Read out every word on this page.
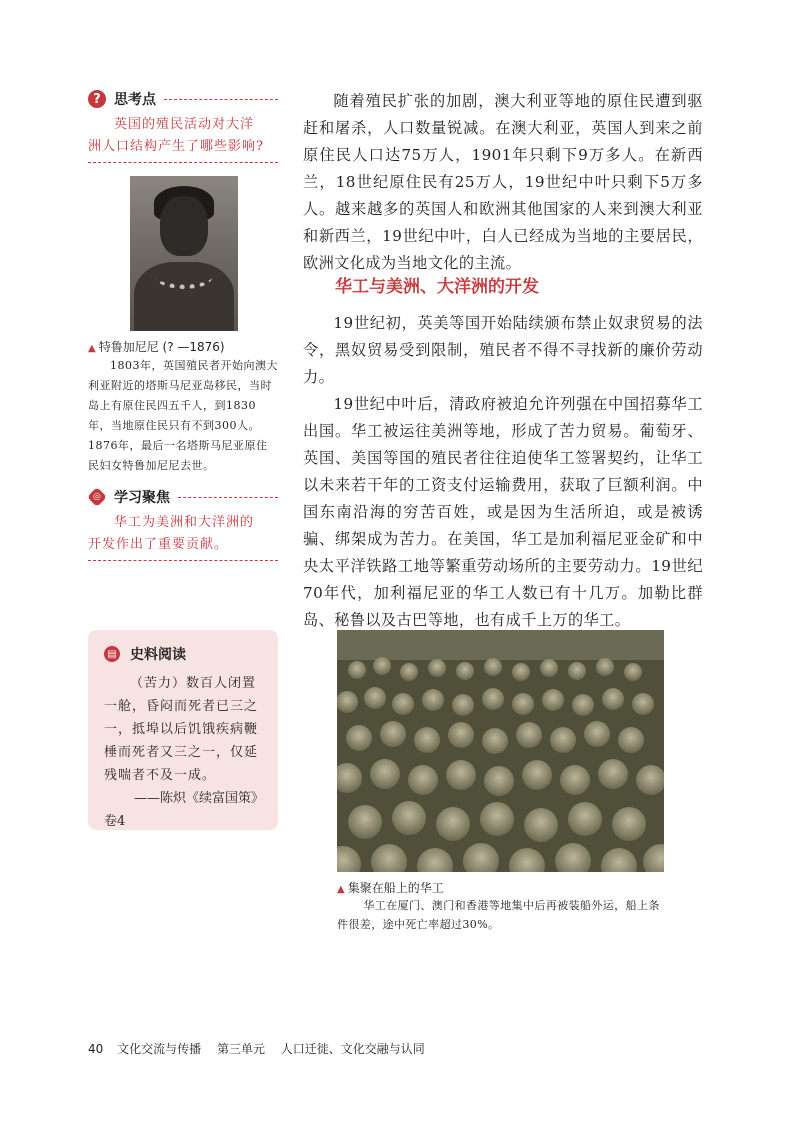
? 思考点
英国的殖民活动对大洋
洲人口结构产生了哪些影响?
▲ 特鲁加尼尼 (? —1876)
1803年，英国殖民者开始向澳大利亚附近的塔斯马尼亚岛移民，当时岛上有原住民四五千人，到1830年，当地原住民只有不到300人。1876年，最后一名塔斯马尼亚原住民妇女特鲁加尼尼去世。
◎ 学习聚焦
华工为美洲和大洋洲的
开发作出了重要贡献。
▤ 史料阅读
（苦力）数百人闭置一舱，昏闷而死者已三之一，抵埠以后饥饿疾病鞭棰而死者又三之一，仅延残喘者不及一成。
——陈炽《续富国策》
卷4

随着殖民扩张的加剧，澳大利亚等地的原住民遭到驱赶和屠杀，人口数量锐减。在澳大利亚，英国人到来之前原住民人口达75万人，1901年只剩下9万多人。在新西兰，18世纪原住民有25万人，19世纪中叶只剩下5万多人。越来越多的英国人和欧洲其他国家的人来到澳大利亚和新西兰，19世纪中叶，白人已经成为当地的主要居民，欧洲文化成为当地文化的主流。

华工与美洲、大洋洲的开发

19世纪初，英美等国开始陆续颁布禁止奴隶贸易的法令，黑奴贸易受到限制，殖民者不得不寻找新的廉价劳动力。

19世纪中叶后，清政府被迫允许列强在中国招募华工出国。华工被运往美洲等地，形成了苦力贸易。葡萄牙、英国、美国等国的殖民者往往迫使华工签署契约，让华工以未来若干年的工资支付运输费用，获取了巨额利润。中国东南沿海的穷苦百姓，或是因为生活所迫，或是被诱骗、绑架成为苦力。在美国，华工是加利福尼亚金矿和中央太平洋铁路工地等繁重劳动场所的主要劳动力。19世纪70年代，加利福尼亚的华工人数已有十几万。加勒比群岛、秘鲁以及古巴等地，也有成千上万的华工。

▲ 集聚在船上的华工
华工在厦门、澳门和香港等地集中后再被装船外运，船上条件很差，途中死亡率超过30%。
40 文化交流与传播 第三单元 人口迁徙、文化交融与认同
